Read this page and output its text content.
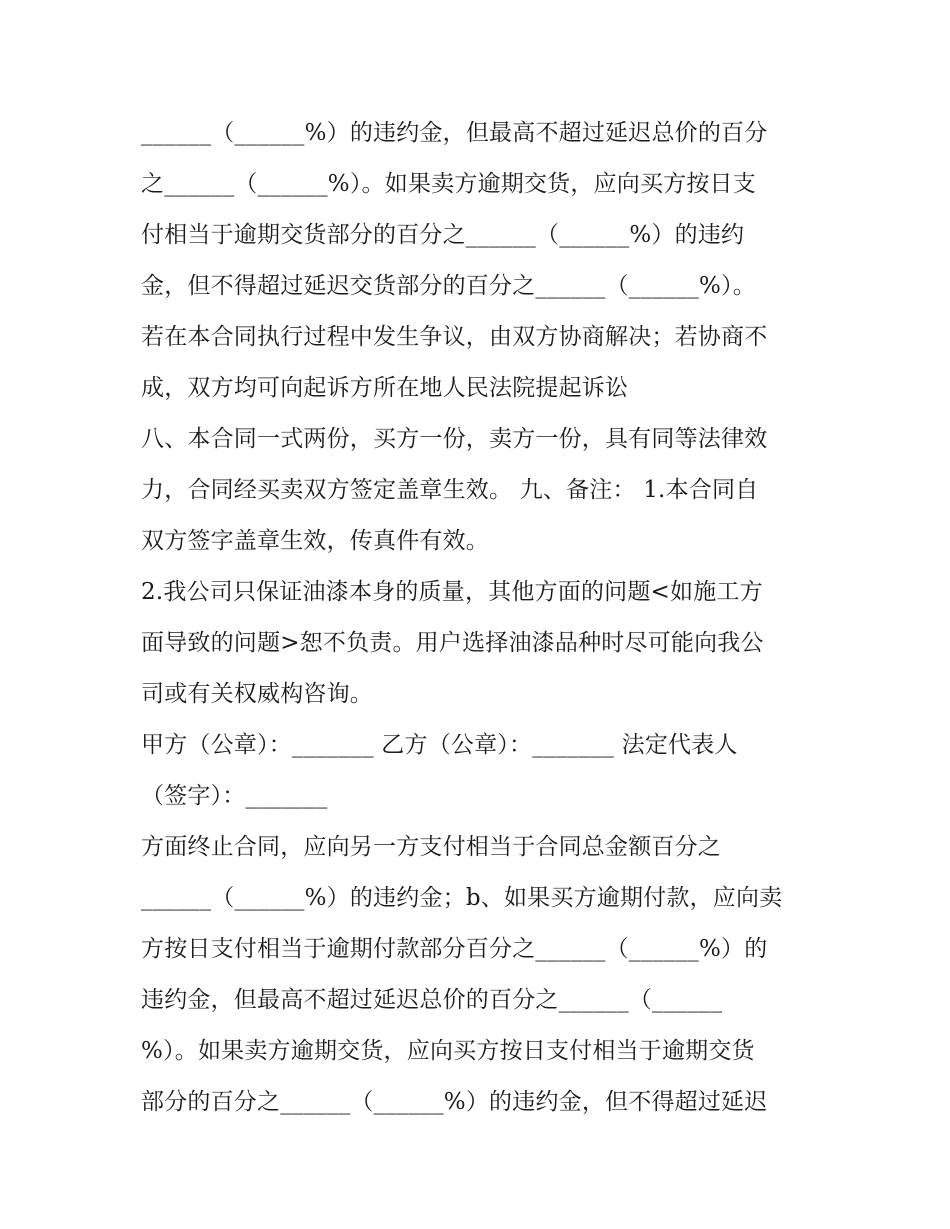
______（______%）的违约金，但最高不超过延迟总价的百分
之______（______%）。如果卖方逾期交货，应向买方按日支
付相当于逾期交货部分的百分之______（______%）的违约
金，但不得超过延迟交货部分的百分之______（______%）。
若在本合同执行过程中发生争议，由双方协商解决；若协商不
成，双方均可向起诉方所在地人民法院提起诉讼
八、本合同一式两份，买方一份，卖方一份，具有同等法律效
力，合同经买卖双方签定盖章生效。 九、备注： 1.本合同自
双方签字盖章生效，传真件有效。
2.我公司只保证油漆本身的质量，其他方面的问题<如施工方
面导致的问题>恕不负责。用户选择油漆品种时尽可能向我公
司或有关权威构咨询。
甲方（公章）：_______ 乙方（公章）：_______ 法定代表人
（签字）：_______
方面终止合同，应向另一方支付相当于合同总金额百分之
______（______%）的违约金；b、如果买方逾期付款，应向卖
方按日支付相当于逾期付款部分百分之______（______%）的
违约金，但最高不超过延迟总价的百分之______（______
%）。如果卖方逾期交货，应向买方按日支付相当于逾期交货
部分的百分之______（______%）的违约金，但不得超过延迟
